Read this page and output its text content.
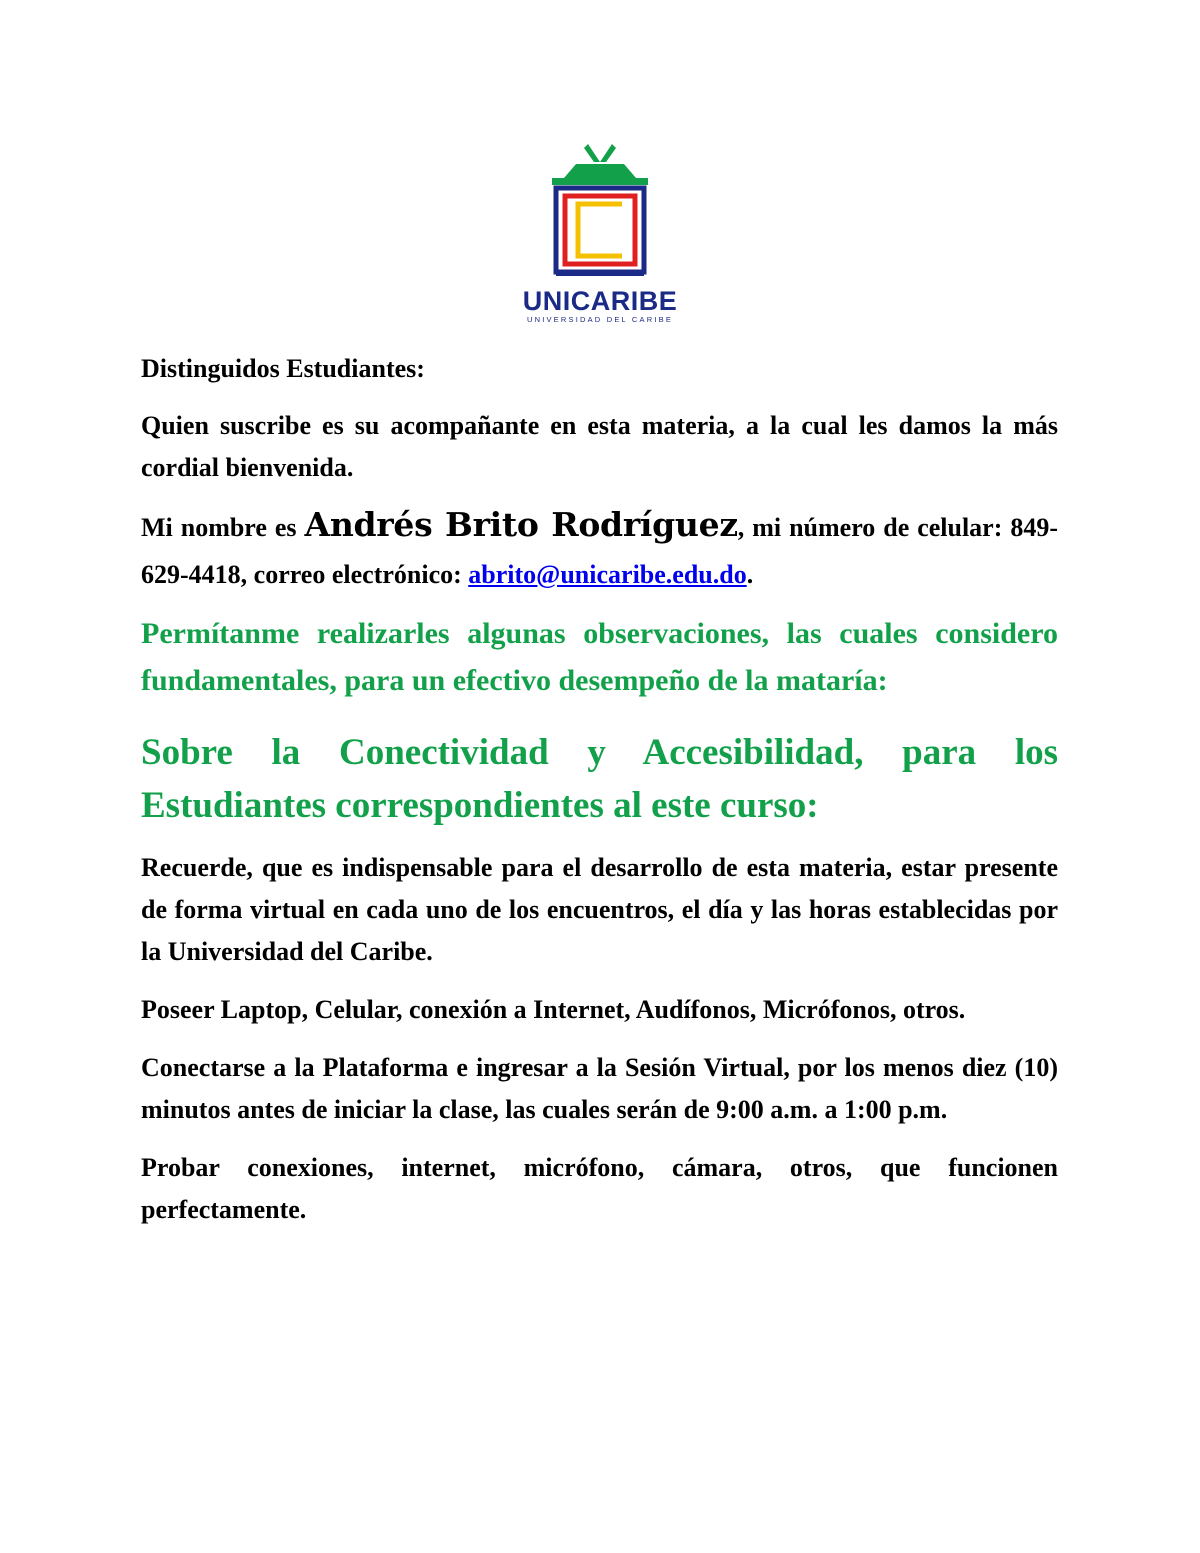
UNICARIBE
UNIVERSIDAD DEL CARIBE

Distinguidos Estudiantes:

Quien suscribe es su acompañante en esta materia, a la cual les damos la más cordial bienvenida.

Mi nombre es Andrés Brito Rodríguez, mi número de celular: 849-629-4418, correo electrónico: abrito@unicaribe.edu.do.

Permítanme realizarles algunas observaciones, las cuales considero fundamentales, para un efectivo desempeño de la mataría:

Sobre la Conectividad y Accesibilidad, para los Estudiantes correspondientes al este curso:

Recuerde, que es indispensable para el desarrollo de esta materia, estar presente de forma virtual en cada uno de los encuentros, el día y las horas establecidas por la Universidad del Caribe.

Poseer Laptop, Celular, conexión a Internet, Audífonos, Micrófonos, otros.

Conectarse a la Plataforma e ingresar a la Sesión Virtual, por los menos diez (10) minutos antes de iniciar la clase, las cuales serán de 9:00 a.m. a 1:00 p.m.

Probar conexiones, internet, micrófono, cámara, otros, que funcionen perfectamente.
